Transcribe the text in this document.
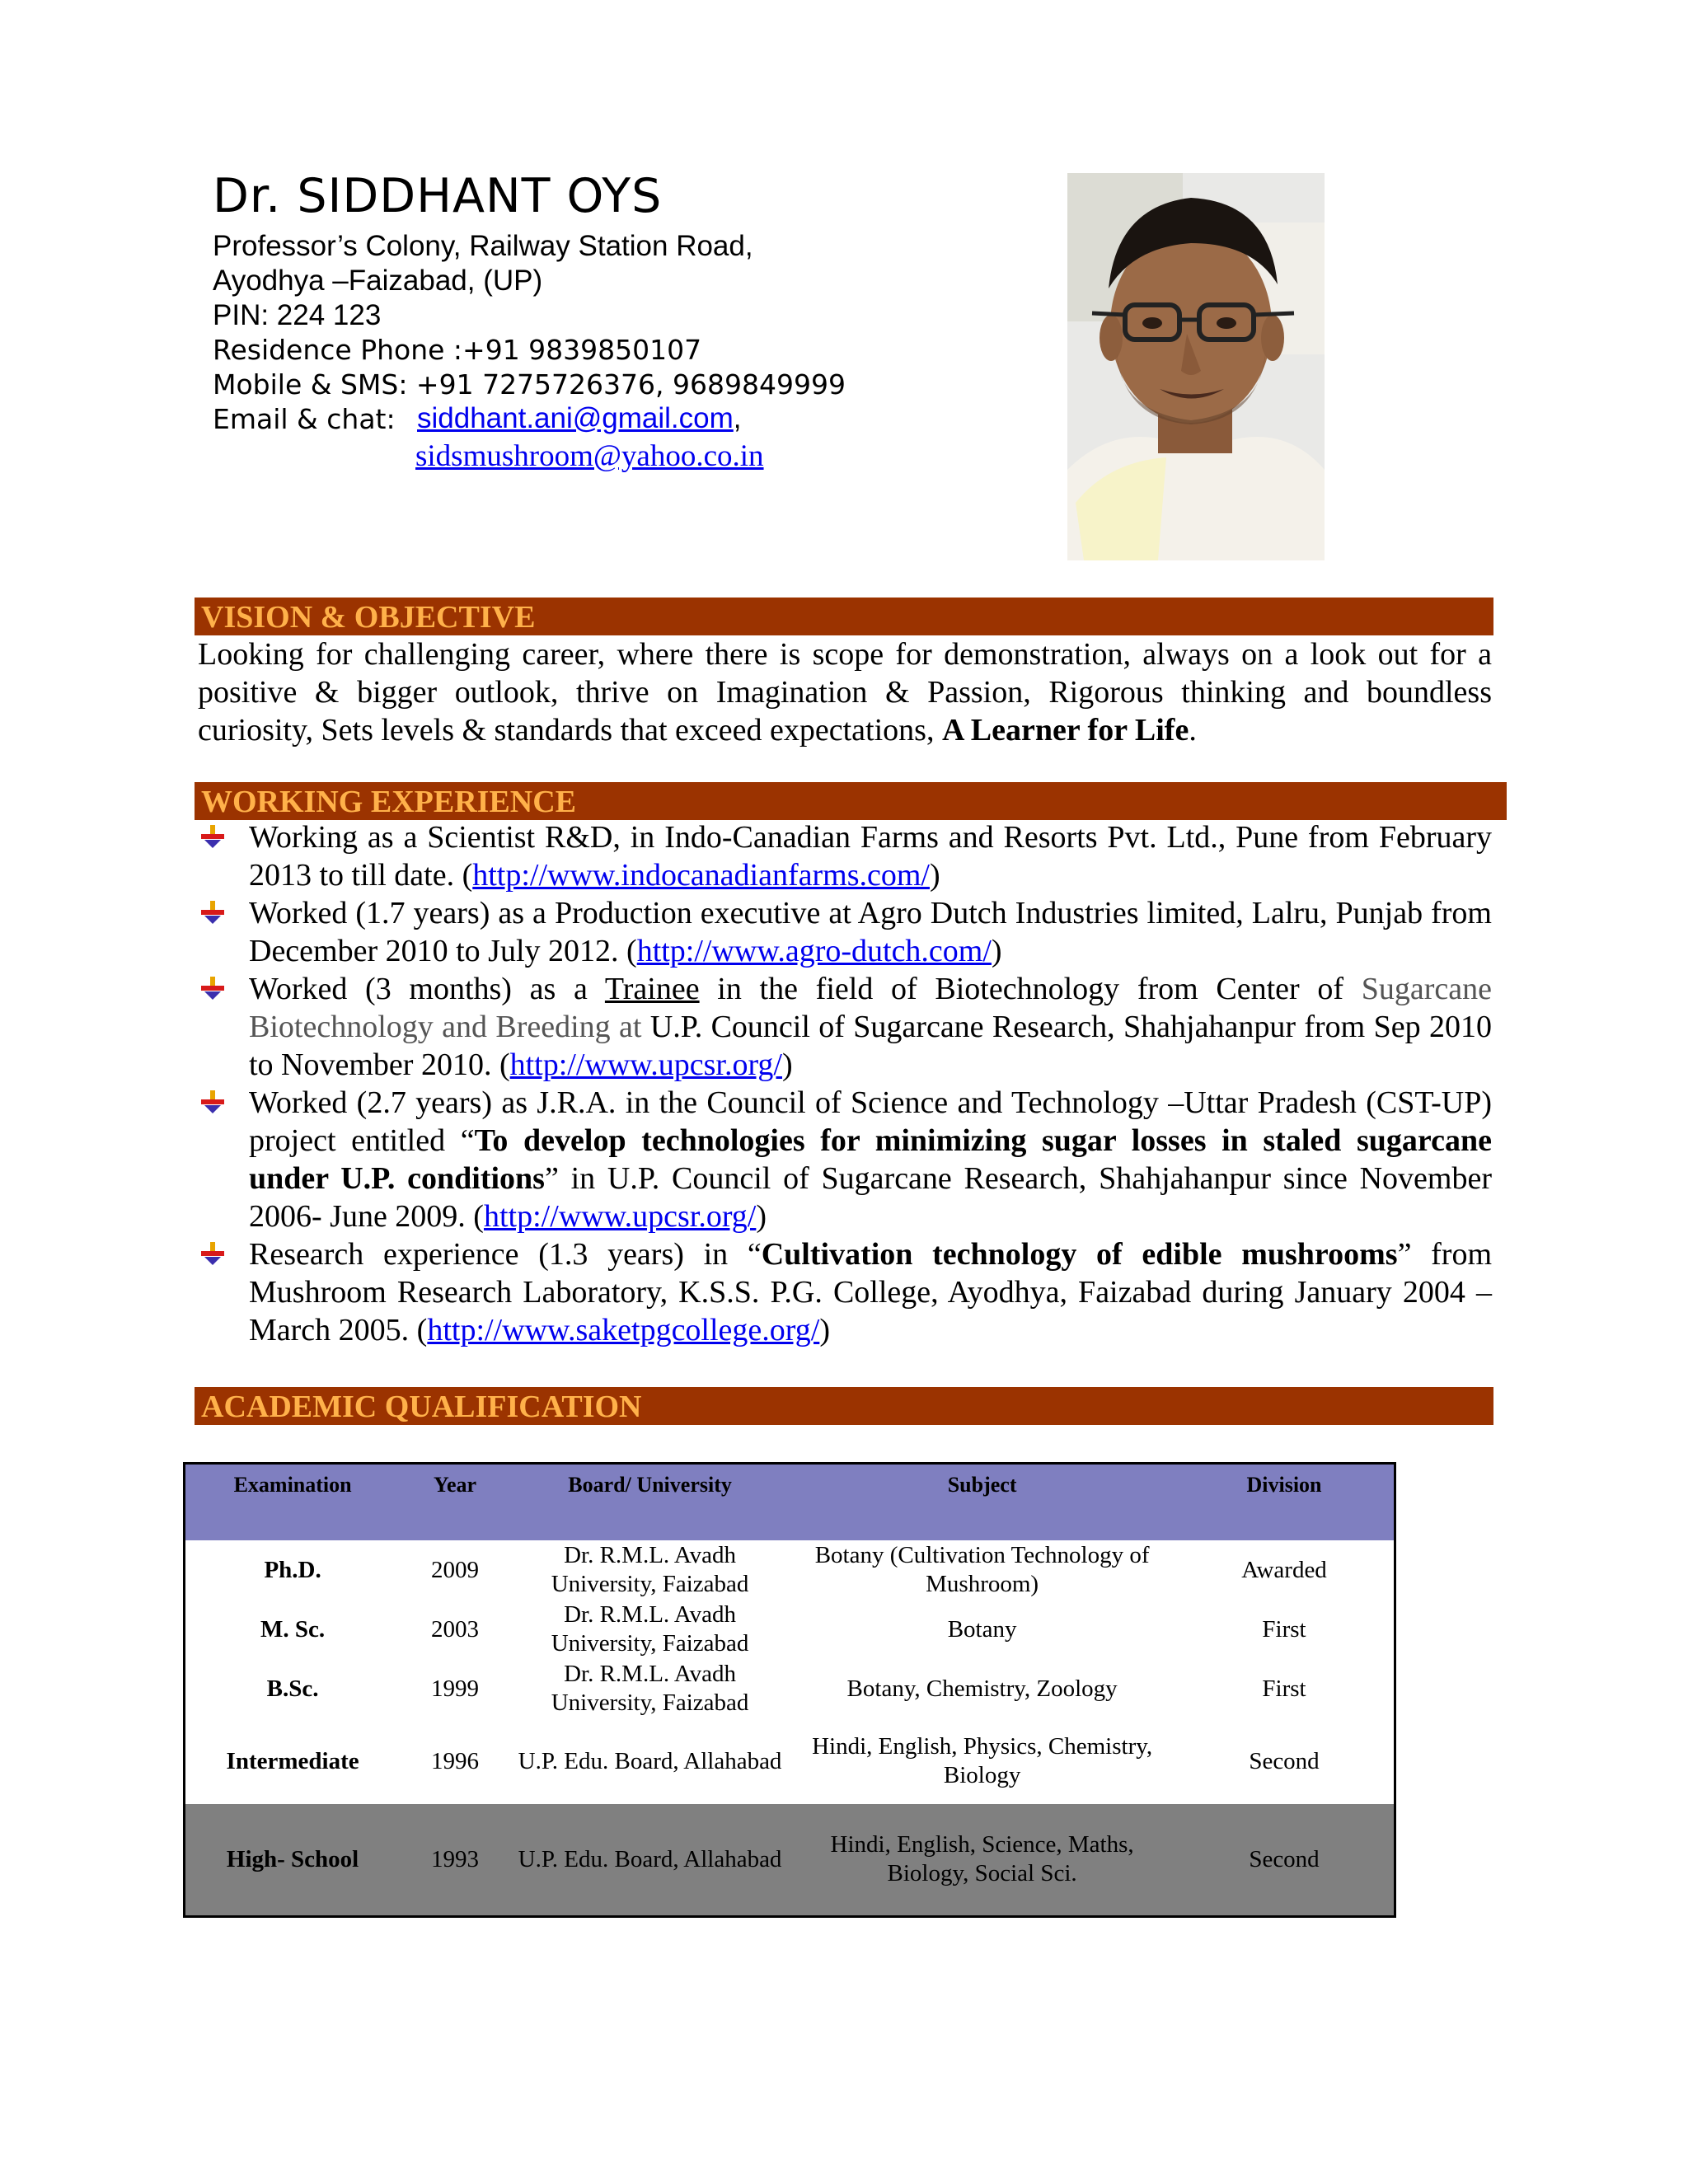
Dr. SIDDHANT OYS
Professor’s Colony, Railway Station Road,
Ayodhya –Faizabad, (UP)
PIN: 224 123
Residence Phone :+91 9839850107
Mobile & SMS: +91 7275726376, 9689849999
Email & chat: siddhant.ani@gmail.com,
sidsmushroom@yahoo.co.in
VISION & OBJECTIVE
Looking for challenging career, where there is scope for demonstration, always on a look out for a positive & bigger outlook, thrive on Imagination & Passion, Rigorous thinking and boundless curiosity, Sets levels & standards that exceed expectations, A Learner for Life.
WORKING EXPERIENCE
Working as a Scientist R&D, in Indo-Canadian Farms and Resorts Pvt. Ltd., Pune from February 2013 to till date. (http://www.indocanadianfarms.com/)
Worked (1.7 years) as a Production executive at Agro Dutch Industries limited, Lalru, Punjab from December 2010 to July 2012. (http://www.agro-dutch.com/)
Worked (3 months) as a Trainee in the field of Biotechnology from Center of Sugarcane Biotechnology and Breeding at U.P. Council of Sugarcane Research, Shahjahanpur from Sep 2010 to November 2010. (http://www.upcsr.org/)
Worked (2.7 years) as J.R.A. in the Council of Science and Technology –Uttar Pradesh (CST-UP) project entitled “To develop technologies for minimizing sugar losses in staled sugarcane under U.P. conditions” in U.P. Council of Sugarcane Research, Shahjahanpur since November 2006- June 2009. (http://www.upcsr.org/)
Research experience (1.3 years) in “Cultivation technology of edible mushrooms” from Mushroom Research Laboratory, K.S.S. P.G. College, Ayodhya, Faizabad during January 2004 – March 2005. (http://www.saketpgcollege.org/)
ACADEMIC QUALIFICATION
Examination	Year	Board/ University	Subject	Division
Ph.D.	2009	Dr. R.M.L. Avadh University, Faizabad	Botany (Cultivation Technology of Mushroom)	Awarded
M. Sc.	2003	Dr. R.M.L. Avadh University, Faizabad	Botany	First
B.Sc.	1999	Dr. R.M.L. Avadh University, Faizabad	Botany, Chemistry, Zoology	First
Intermediate	1996	U.P. Edu. Board, Allahabad	Hindi, English, Physics, Chemistry, Biology	Second
High- School	1993	U.P. Edu. Board, Allahabad	Hindi, English, Science, Maths, Biology, Social Sci.	Second
